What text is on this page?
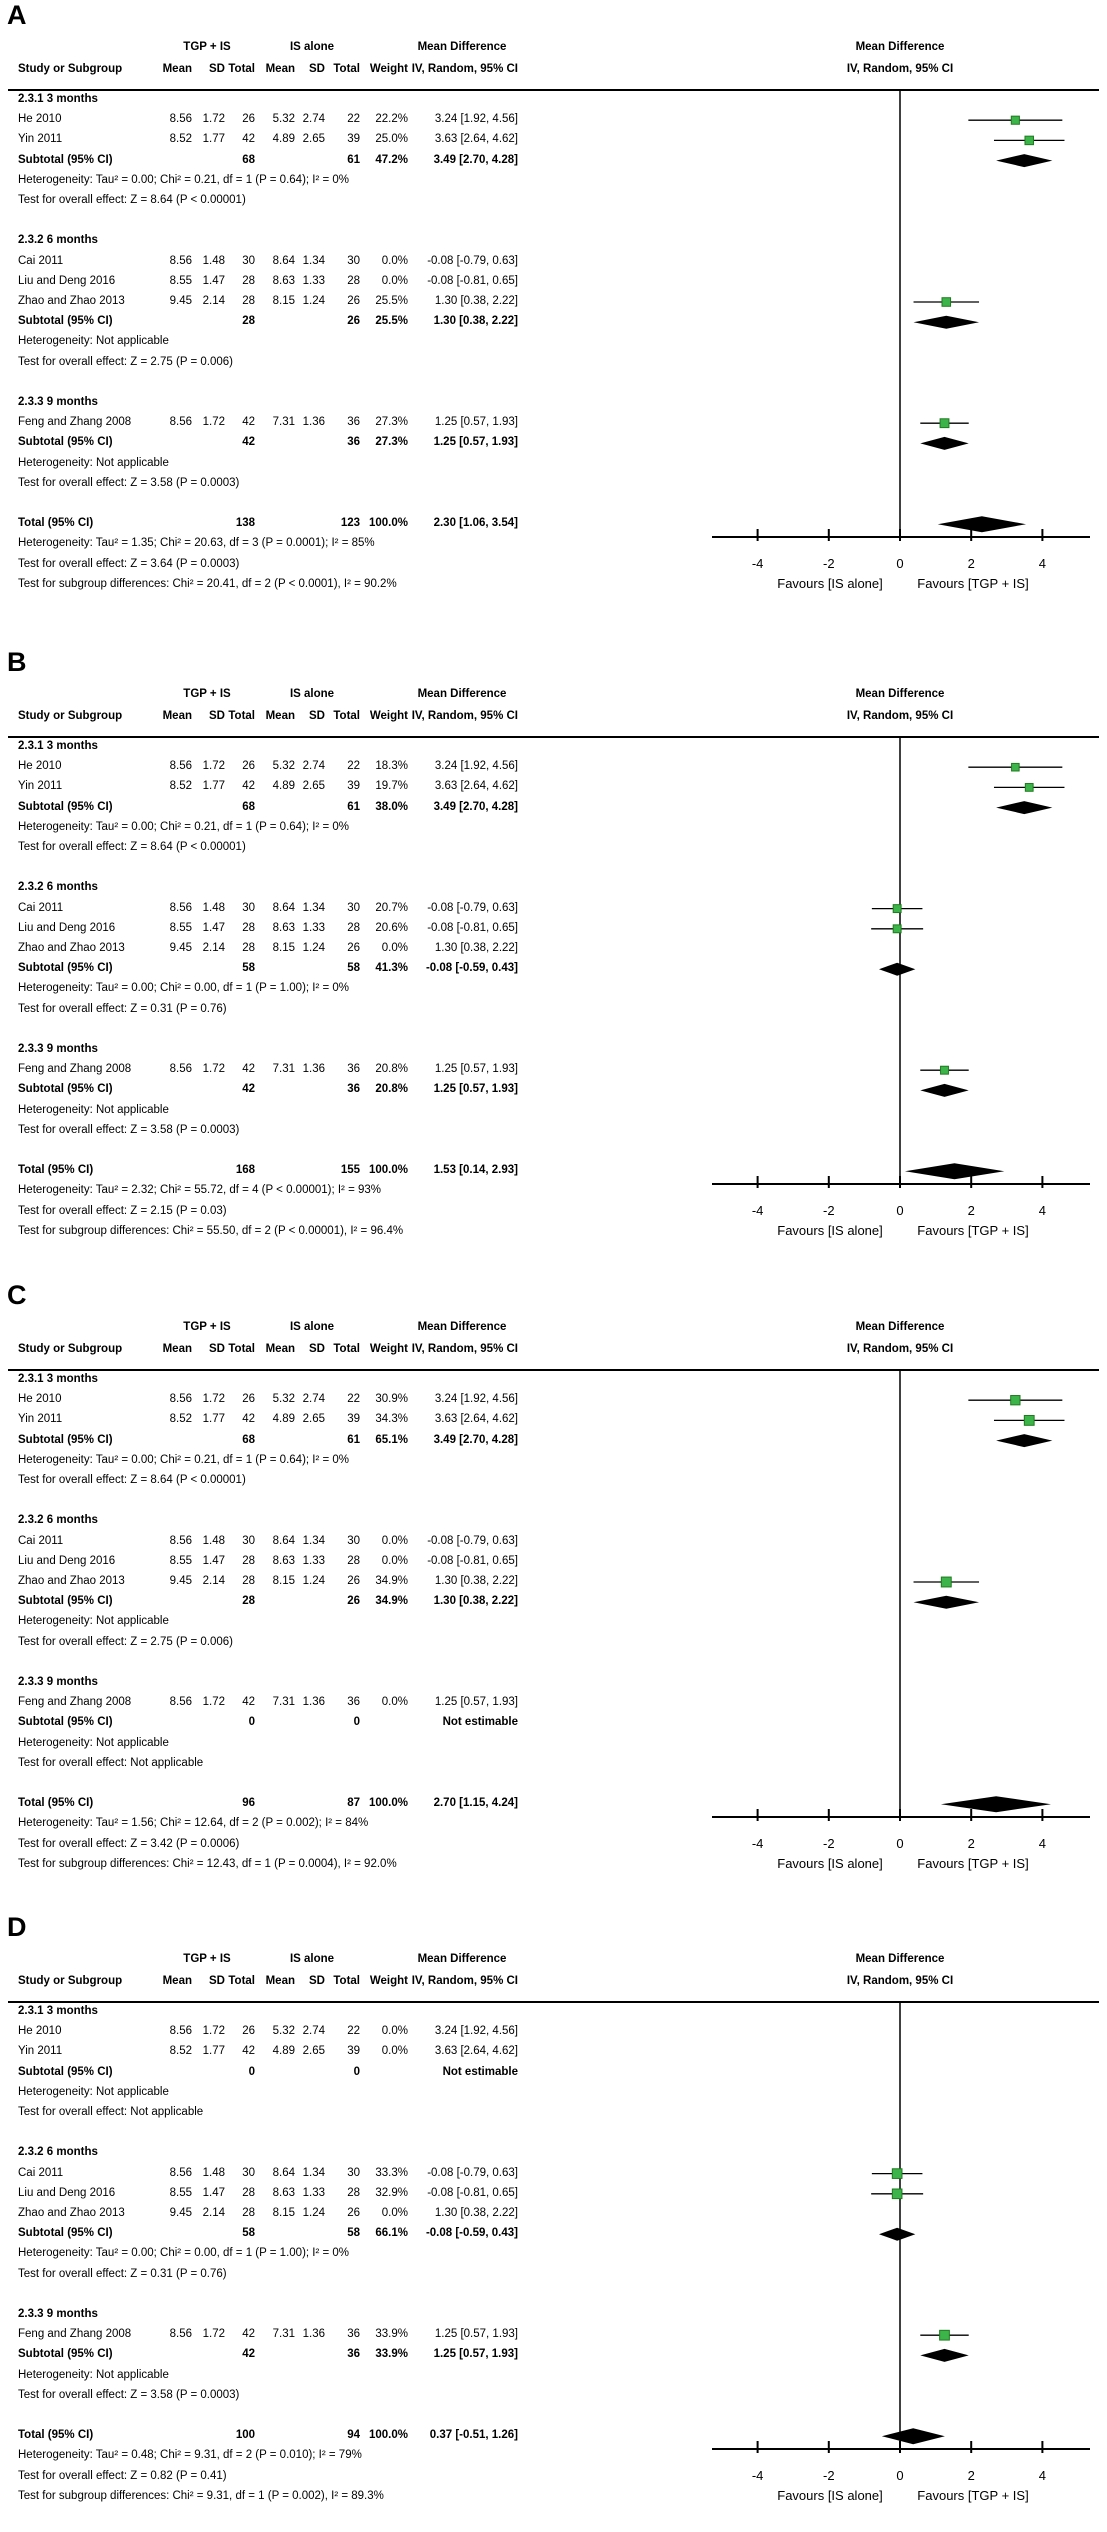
A
TGP + IS	IS alone	Mean Difference	Mean Difference
Study or Subgroup	Mean SD Total Mean SD Total Weight IV, Random, 95% CI	IV, Random, 95% CI
-4	-2	0	2	4
Favours [IS alone]	Favours [TGP + IS]
2.3.1 3 months
He 2010	8.56 1.72 26 5.32 2.74 22 22.2% 3.24 [1.92, 4.56]
Yin 2011	8.52 1.77 42 4.89 2.65 39 25.0% 3.63 [2.64, 4.62]
Subtotal (95% CI)	68	61 47.2% 3.49 [2.70, 4.28]
Heterogeneity: Tau² = 0.00; Chi² = 0.21, df = 1 (P = 0.64); I² = 0%
Test for overall effect: Z = 8.64 (P < 0.00001)
2.3.2 6 months
Cai 2011	8.56 1.48 30 8.64 1.34 30 0.0% -0.08 [-0.79, 0.63]
Liu and Deng 2016	8.55 1.47 28 8.63 1.33 28 0.0% -0.08 [-0.81, 0.65]
Zhao and Zhao 2013	9.45 2.14 28 8.15 1.24 26 25.5% 1.30 [0.38, 2.22]
Subtotal (95% CI)	28	26 25.5% 1.30 [0.38, 2.22]
Heterogeneity: Not applicable
Test for overall effect: Z = 2.75 (P = 0.006)
2.3.3 9 months
Feng and Zhang 2008	8.56 1.72 42 7.31 1.36 36 27.3% 1.25 [0.57, 1.93]
Subtotal (95% CI)	42	36 27.3% 1.25 [0.57, 1.93]
Heterogeneity: Not applicable
Test for overall effect: Z = 3.58 (P = 0.0003)
Total (95% CI)	138	123 100.0% 2.30 [1.06, 3.54]
Heterogeneity: Tau² = 1.35; Chi² = 20.63, df = 3 (P = 0.0001); I² = 85%
Test for overall effect: Z = 3.64 (P = 0.0003)
Test for subgroup differences: Chi² = 20.41, df = 2 (P < 0.0001), I² = 90.2%
B
TGP + IS	IS alone	Mean Difference	Mean Difference
Study or Subgroup	Mean SD Total Mean SD Total Weight IV, Random, 95% CI	IV, Random, 95% CI
-4	-2	0	2	4
Favours [IS alone]	Favours [TGP + IS]
2.3.1 3 months
He 2010	8.56 1.72 26 5.32 2.74 22 18.3% 3.24 [1.92, 4.56]
Yin 2011	8.52 1.77 42 4.89 2.65 39 19.7% 3.63 [2.64, 4.62]
Subtotal (95% CI)	68	61 38.0% 3.49 [2.70, 4.28]
Heterogeneity: Tau² = 0.00; Chi² = 0.21, df = 1 (P = 0.64); I² = 0%
Test for overall effect: Z = 8.64 (P < 0.00001)
2.3.2 6 months
Cai 2011	8.56 1.48 30 8.64 1.34 30 20.7% -0.08 [-0.79, 0.63]
Liu and Deng 2016	8.55 1.47 28 8.63 1.33 28 20.6% -0.08 [-0.81, 0.65]
Zhao and Zhao 2013	9.45 2.14 28 8.15 1.24 26 0.0% 1.30 [0.38, 2.22]
Subtotal (95% CI)	58	58 41.3% -0.08 [-0.59, 0.43]
Heterogeneity: Tau² = 0.00; Chi² = 0.00, df = 1 (P = 1.00); I² = 0%
Test for overall effect: Z = 0.31 (P = 0.76)
2.3.3 9 months
Feng and Zhang 2008	8.56 1.72 42 7.31 1.36 36 20.8% 1.25 [0.57, 1.93]
Subtotal (95% CI)	42	36 20.8% 1.25 [0.57, 1.93]
Heterogeneity: Not applicable
Test for overall effect: Z = 3.58 (P = 0.0003)
Total (95% CI)	168	155 100.0% 1.53 [0.14, 2.93]
Heterogeneity: Tau² = 2.32; Chi² = 55.72, df = 4 (P < 0.00001); I² = 93%
Test for overall effect: Z = 2.15 (P = 0.03)
Test for subgroup differences: Chi² = 55.50, df = 2 (P < 0.00001), I² = 96.4%
C
TGP + IS	IS alone	Mean Difference	Mean Difference
Study or Subgroup	Mean SD Total Mean SD Total Weight IV, Random, 95% CI	IV, Random, 95% CI
-4	-2	0	2	4
Favours [IS alone]	Favours [TGP + IS]
2.3.1 3 months
He 2010	8.56 1.72 26 5.32 2.74 22 30.9% 3.24 [1.92, 4.56]
Yin 2011	8.52 1.77 42 4.89 2.65 39 34.3% 3.63 [2.64, 4.62]
Subtotal (95% CI)	68	61 65.1% 3.49 [2.70, 4.28]
Heterogeneity: Tau² = 0.00; Chi² = 0.21, df = 1 (P = 0.64); I² = 0%
Test for overall effect: Z = 8.64 (P < 0.00001)
2.3.2 6 months
Cai 2011	8.56 1.48 30 8.64 1.34 30 0.0% -0.08 [-0.79, 0.63]
Liu and Deng 2016	8.55 1.47 28 8.63 1.33 28 0.0% -0.08 [-0.81, 0.65]
Zhao and Zhao 2013	9.45 2.14 28 8.15 1.24 26 34.9% 1.30 [0.38, 2.22]
Subtotal (95% CI)	28	26 34.9% 1.30 [0.38, 2.22]
Heterogeneity: Not applicable
Test for overall effect: Z = 2.75 (P = 0.006)
2.3.3 9 months
Feng and Zhang 2008	8.56 1.72 42 7.31 1.36 36 0.0% 1.25 [0.57, 1.93]
Subtotal (95% CI)	0	0	Not estimable
Heterogeneity: Not applicable
Test for overall effect: Not applicable
Total (95% CI)	96	87 100.0% 2.70 [1.15, 4.24]
Heterogeneity: Tau² = 1.56; Chi² = 12.64, df = 2 (P = 0.002); I² = 84%
Test for overall effect: Z = 3.42 (P = 0.0006)
Test for subgroup differences: Chi² = 12.43, df = 1 (P = 0.0004), I² = 92.0%
D
TGP + IS	IS alone	Mean Difference	Mean Difference
Study or Subgroup	Mean SD Total Mean SD Total Weight IV, Random, 95% CI	IV, Random, 95% CI
-4	-2	0	2	4
Favours [IS alone]	Favours [TGP + IS]
2.3.1 3 months
He 2010	8.56 1.72 26 5.32 2.74 22 0.0% 3.24 [1.92, 4.56]
Yin 2011	8.52 1.77 42 4.89 2.65 39 0.0% 3.63 [2.64, 4.62]
Subtotal (95% CI)	0	0	Not estimable
Heterogeneity: Not applicable
Test for overall effect: Not applicable
2.3.2 6 months
Cai 2011	8.56 1.48 30 8.64 1.34 30 33.3% -0.08 [-0.79, 0.63]
Liu and Deng 2016	8.55 1.47 28 8.63 1.33 28 32.9% -0.08 [-0.81, 0.65]
Zhao and Zhao 2013	9.45 2.14 28 8.15 1.24 26 0.0% 1.30 [0.38, 2.22]
Subtotal (95% CI)	58	58 66.1% -0.08 [-0.59, 0.43]
Heterogeneity: Tau² = 0.00; Chi² = 0.00, df = 1 (P = 1.00); I² = 0%
Test for overall effect: Z = 0.31 (P = 0.76)
2.3.3 9 months
Feng and Zhang 2008	8.56 1.72 42 7.31 1.36 36 33.9% 1.25 [0.57, 1.93]
Subtotal (95% CI)	42	36 33.9% 1.25 [0.57, 1.93]
Heterogeneity: Not applicable
Test for overall effect: Z = 3.58 (P = 0.0003)
Total (95% CI)	100	94 100.0% 0.37 [-0.51, 1.26]
Heterogeneity: Tau² = 0.48; Chi² = 9.31, df = 2 (P = 0.010); I² = 79%
Test for overall effect: Z = 0.82 (P = 0.41)
Test for subgroup differences: Chi² = 9.31, df = 1 (P = 0.002), I² = 89.3%
